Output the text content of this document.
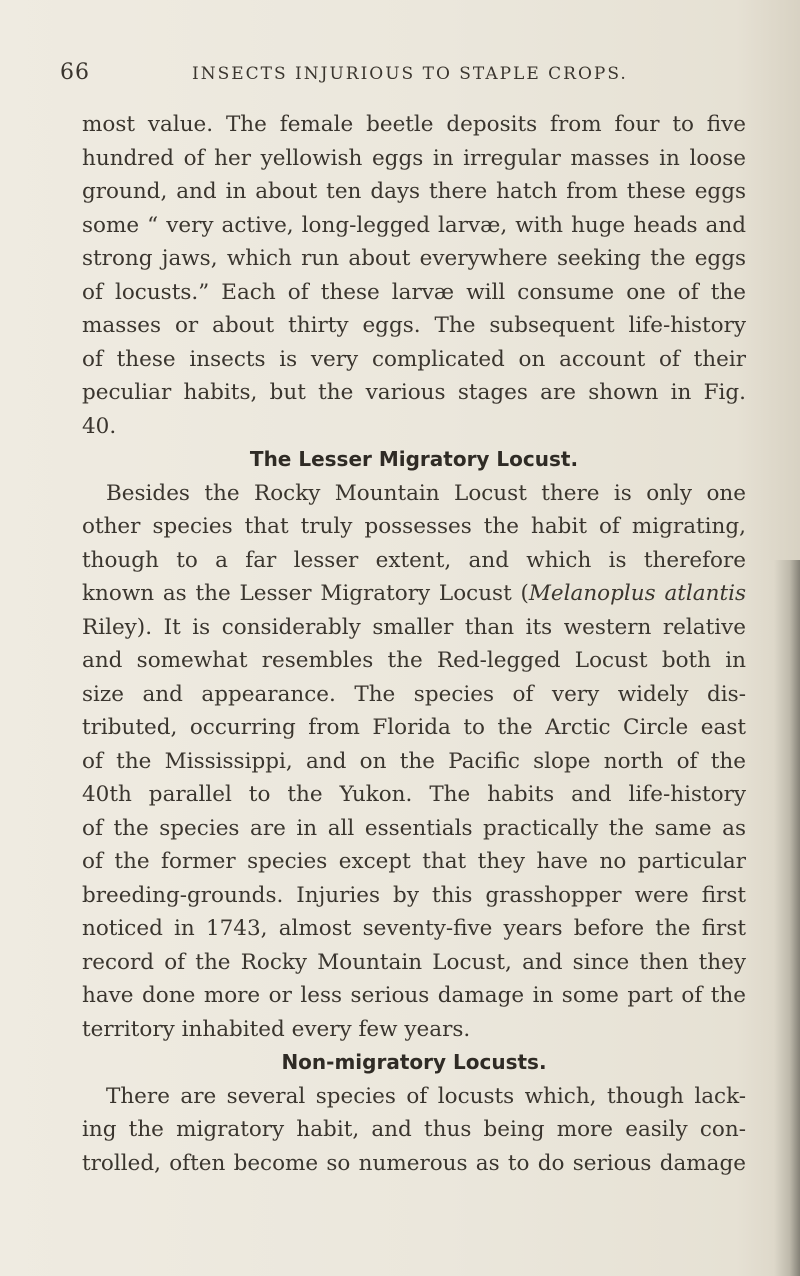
66	INSECTS INJURIOUS TO STAPLE CROPS.
most value. The female beetle deposits from four to five
hundred of her yellowish eggs in irregular masses in loose
ground, and in about ten days there hatch from these eggs
some “ very active, long-legged larvæ, with huge heads and
strong jaws, which run about everywhere seeking the eggs
of locusts.” Each of these larvæ will consume one of the
masses or about thirty eggs. The subsequent life-history
of these insects is very complicated on account of their
peculiar habits, but the various stages are shown in Fig.
40.
The Lesser Migratory Locust.
Besides the Rocky Mountain Locust there is only one
other species that truly possesses the habit of migrating,
though to a far lesser extent, and which is therefore
known as the Lesser Migratory Locust (Melanoplus atlantis
Riley). It is considerably smaller than its western relative
and somewhat resembles the Red-legged Locust both in
size and appearance. The species of very widely dis-
tributed, occurring from Florida to the Arctic Circle east
of the Mississippi, and on the Pacific slope north of the
40th parallel to the Yukon. The habits and life-history
of the species are in all essentials practically the same as
of the former species except that they have no particular
breeding-grounds. Injuries by this grasshopper were first
noticed in 1743, almost seventy-five years before the first
record of the Rocky Mountain Locust, and since then they
have done more or less serious damage in some part of the
territory inhabited every few years.
Non-migratory Locusts.
There are several species of locusts which, though lack-
ing the migratory habit, and thus being more easily con-
trolled, often become so numerous as to do serious damage
